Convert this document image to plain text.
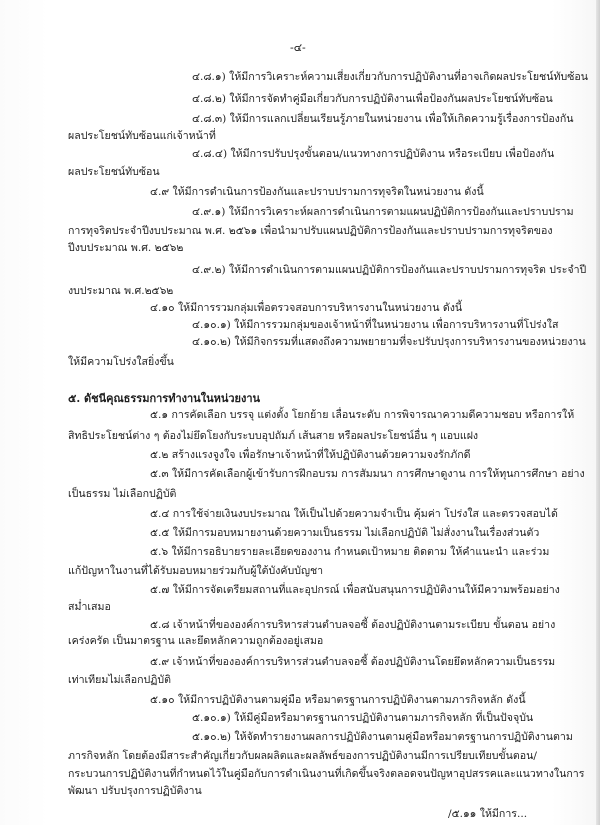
-๔-
๔.๘.๑) ให้มีการวิเคราะห์ความเสี่ยงเกี่ยวกับการปฏิบัติงานที่อาจเกิดผลประโยชน์ทับซ้อน
๔.๘.๒) ให้มีการจัดทำคู่มือเกี่ยวกับการปฏิบัติงานเพื่อป้องกันผลประโยชน์ทับซ้อน
๔.๘.๓) ให้มีการแลกเปลี่ยนเรียนรู้ภายในหน่วยงาน เพื่อให้เกิดความรู้เรื่องการป้องกัน
ผลประโยชน์ทับซ้อนแก่เจ้าหน้าที่
๔.๘.๔) ให้มีการปรับปรุงขั้นตอน/แนวทางการปฏิบัติงาน หรือระเบียบ เพื่อป้องกัน
ผลประโยชน์ทับซ้อน
๔.๙ ให้มีการดำเนินการป้องกันและปราบปรามการทุจริตในหน่วยงาน ดังนี้
๔.๙.๑) ให้มีการวิเคราะห์ผลการดำเนินการตามแผนปฏิบัติการป้องกันและปราบปราม
การทุจริตประจำปีงบประมาณ พ.ศ. ๒๕๖๑ เพื่อนำมาปรับแผนปฏิบัติการป้องกันและปราบปรามการทุจริตของ
ปีงบประมาณ พ.ศ. ๒๕๖๒
๔.๙.๒) ให้มีการดำเนินการตามแผนปฏิบัติการป้องกันและปราบปรามการทุจริต ประจำปี
งบประมาณ พ.ศ.๒๕๖๒
๔.๑๐ ให้มีการรวมกลุ่มเพื่อตรวจสอบการบริหารงานในหน่วยงาน ดังนี้
๔.๑๐.๑) ให้มีการรวมกลุ่มของเจ้าหน้าที่ในหน่วยงาน เพื่อการบริหารงานที่โปร่งใส
๔.๑๐.๒) ให้มีกิจกรรมที่แสดงถึงความพยายามที่จะปรับปรุงการบริหารงานของหน่วยงาน
ให้มีความโปร่งใสยิ่งขึ้น
๕. ดัชนีคุณธรรมการทำงานในหน่วยงาน
๕.๑ การคัดเลือก บรรจุ แต่งตั้ง โยกย้าย เลื่อนระดับ การพิจารณาความดีความชอบ หรือการให้
สิทธิประโยชน์ต่าง ๆ ต้องไม่ยึดโยงกับระบบอุปถัมภ์ เส้นสาย หรือผลประโยชน์อื่น ๆ แอบแฝง
๕.๒ สร้างแรงจูงใจ เพื่อรักษาเจ้าหน้าที่ให้ปฏิบัติงานด้วยความจงรักภักดี
๕.๓ ให้มีการคัดเลือกผู้เข้ารับการฝึกอบรม การสัมมนา การศึกษาดูงาน การให้ทุนการศึกษา อย่าง
เป็นธรรม ไม่เลือกปฏิบัติ
๕.๔ การใช้จ่ายเงินงบประมาณ ให้เป็นไปด้วยความจำเป็น คุ้มค่า โปร่งใส และตรวจสอบได้
๕.๕ ให้มีการมอบหมายงานด้วยความเป็นธรรม ไม่เลือกปฏิบัติ ไม่สั่งงานในเรื่องส่วนตัว
๕.๖ ให้มีการอธิบายรายละเอียดของงาน กำหนดเป้าหมาย ติดตาม ให้คำแนะนำ และร่วม
แก้ปัญหาในงานที่ได้รับมอบหมายร่วมกับผู้ใต้บังคับบัญชา
๕.๗ ให้มีการจัดเตรียมสถานที่และอุปกรณ์ เพื่อสนับสนุนการปฏิบัติงานให้มีความพร้อมอย่าง
สม่ำเสมอ
๕.๘ เจ้าหน้าที่ขององค์การบริหารส่วนตำบลจอซี้ ต้องปฏิบัติงานตามระเบียบ ขั้นตอน อย่าง
เคร่งครัด เป็นมาตรฐาน และยึดหลักความถูกต้องอยู่เสมอ
๕.๙ เจ้าหน้าที่ขององค์การบริหารส่วนตำบลจอซี้ ต้องปฏิบัติงานโดยยึดหลักความเป็นธรรม
เท่าเทียมไม่เลือกปฏิบัติ
๕.๑๐ ให้มีการปฏิบัติงานตามคู่มือ หรือมาตรฐานการปฏิบัติงานตามภารกิจหลัก ดังนี้
๕.๑๐.๑) ให้มีคู่มือหรือมาตรฐานการปฏิบัติงานตามภารกิจหลัก ที่เป็นปัจจุบัน
๕.๑๐.๒) ให้จัดทำรายงานผลการปฏิบัติงานตามคู่มือหรือมาตรฐานการปฏิบัติงานตาม
ภารกิจหลัก โดยต้องมีสาระสำคัญเกี่ยวกับผลผลิตและผลลัพธ์ของการปฏิบัติงานมีการเปรียบเทียบขั้นตอน/
กระบวนการปฏิบัติงานที่กำหนดไว้ในคู่มือกับการดำเนินงานที่เกิดขึ้นจริงตลอดจนปัญหาอุปสรรคและแนวทางในการ
พัฒนา ปรับปรุงการปฏิบัติงาน
/๕.๑๑ ให้มีการ...
